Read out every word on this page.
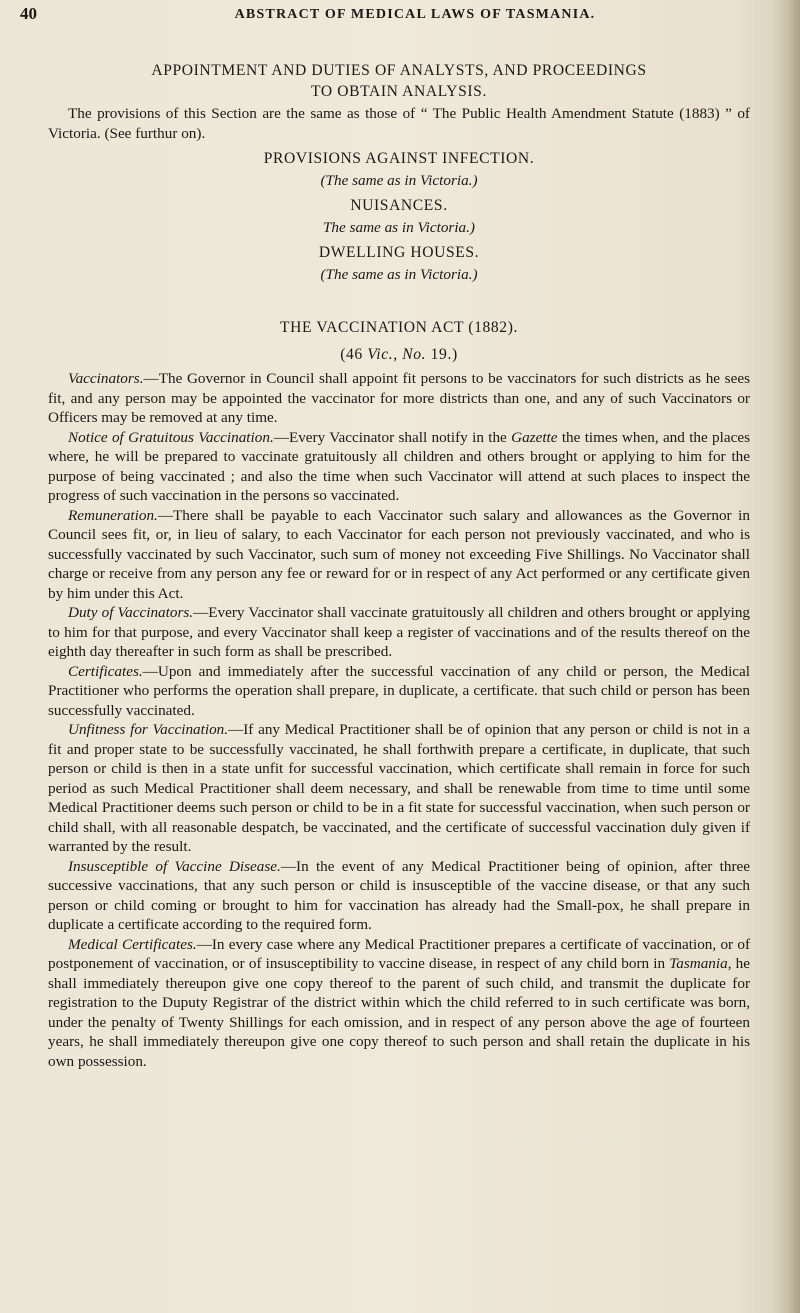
40	ABSTRACT OF MEDICAL LAWS OF TASMANIA.
APPOINTMENT AND DUTIES OF ANALYSTS, AND PROCEEDINGS
TO OBTAIN ANALYSIS.

The provisions of this Section are the same as those of “ The Public Health Amendment Statute (1883) ” of Victoria. (See furthur on).

PROVISIONS AGAINST INFECTION.
(The same as in Victoria.)
NUISANCES.
The same as in Victoria.)
DWELLING HOUSES.
(The same as in Victoria.)
THE VACCINATION ACT (1882).
(46 Vic., No. 19.)

Vaccinators.—The Governor in Council shall appoint fit persons to be vaccinators for such districts as he sees fit, and any person may be appointed the vaccinator for more districts than one, and any of such Vaccinators or Officers may be removed at any time.

Notice of Gratuitous Vaccination.—Every Vaccinator shall notify in the Gazette the times when, and the places where, he will be prepared to vaccinate gratuitously all children and others brought or applying to him for the purpose of being vaccinated ; and also the time when such Vaccinator will attend at such places to inspect the progress of such vaccination in the persons so vaccinated.

Remuneration.—There shall be payable to each Vaccinator such salary and allowances as the Governor in Council sees fit, or, in lieu of salary, to each Vaccinator for each person not previously vaccinated, and who is successfully vaccinated by such Vaccinator, such sum of money not exceeding Five Shillings. No Vaccinator shall charge or receive from any person any fee or reward for or in respect of any Act performed or any certificate given by him under this Act.

Duty of Vaccinators.—Every Vaccinator shall vaccinate gratuitously all children and others brought or applying to him for that purpose, and every Vaccinator shall keep a register of vaccinations and of the results thereof on the eighth day thereafter in such form as shall be prescribed.

Certificates.—Upon and immediately after the successful vaccination of any child or person, the Medical Practitioner who performs the operation shall prepare, in duplicate, a certificate. that such child or person has been successfully vaccinated.

Unfitness for Vaccination.—If any Medical Practitioner shall be of opinion that any person or child is not in a fit and proper state to be successfully vaccinated, he shall forthwith prepare a certificate, in duplicate, that such person or child is then in a state unfit for successful vaccination, which certificate shall remain in force for such period as such Medical Practitioner shall deem necessary, and shall be renewable from time to time until some Medical Practitioner deems such person or child to be in a fit state for successful vaccination, when such person or child shall, with all reasonable despatch, be vaccinated, and the certificate of successful vaccination duly given if warranted by the result.

Insusceptible of Vaccine Disease.—In the event of any Medical Practitioner being of opinion, after three successive vaccinations, that any such person or child is insusceptible of the vaccine disease, or that any such person or child coming or brought to him for vaccination has already had the Small-pox, he shall prepare in duplicate a certificate according to the required form.

Medical Certificates.—In every case where any Medical Practitioner prepares a certificate of vaccination, or of postponement of vaccination, or of insusceptibility to vaccine disease, in respect of any child born in Tasmania, he shall immediately thereupon give one copy thereof to the parent of such child, and transmit the duplicate for registration to the Duputy Registrar of the district within which the child referred to in such certificate was born, under the penalty of Twenty Shillings for each omission, and in respect of any person above the age of fourteen years, he shall immediately thereupon give one copy thereof to such person and shall retain the duplicate in his own possession.
